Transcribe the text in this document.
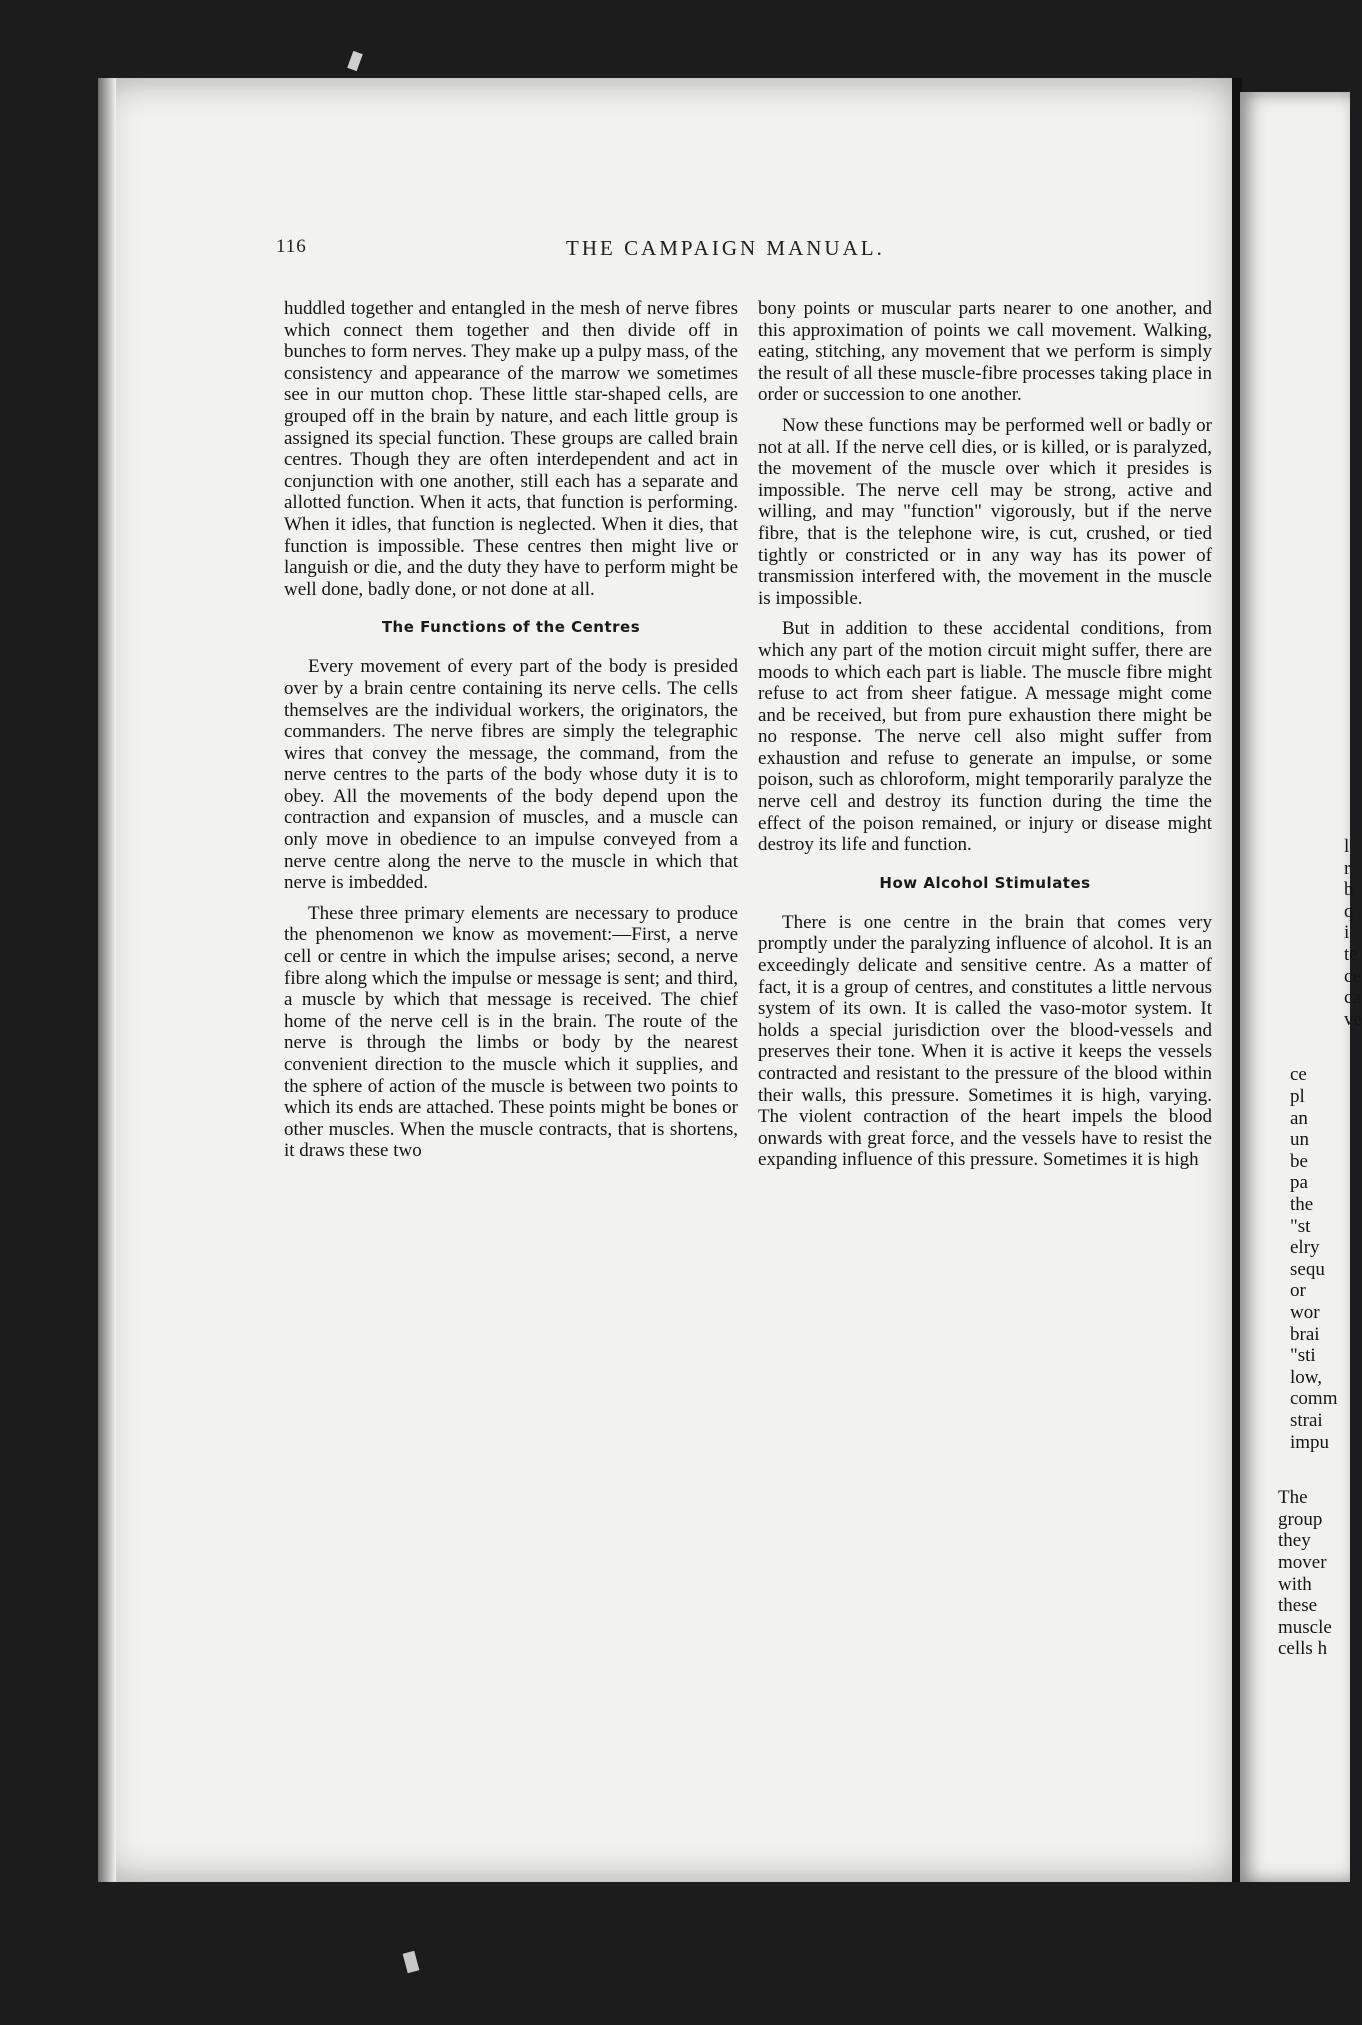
116	THE CAMPAIGN MANUAL.

huddled together and entangled in the mesh of nerve fibres which connect them together and then divide off in bunches to form nerves. They make up a pulpy mass, of the consistency and appearance of the marrow we sometimes see in our mutton chop. These little star-shaped cells, are grouped off in the brain by nature, and each little group is assigned its special function. These groups are called brain centres. Though they are often interdependent and act in conjunction with one another, still each has a separate and allotted function. When it acts, that function is performing. When it idles, that function is neglected. When it dies, that function is impossible. These centres then might live or languish or die, and the duty they have to perform might be well done, badly done, or not done at all.

The Functions of the Centres

Every movement of every part of the body is presided over by a brain centre containing its nerve cells. The cells themselves are the individual workers, the originators, the commanders. The nerve fibres are simply the telegraphic wires that convey the message, the command, from the nerve centres to the parts of the body whose duty it is to obey. All the movements of the body depend upon the contraction and expansion of muscles, and a muscle can only move in obedience to an impulse conveyed from a nerve centre along the nerve to the muscle in which that nerve is imbedded.

These three primary elements are necessary to produce the phenomenon we know as movement:—First, a nerve cell or centre in which the impulse arises; second, a nerve fibre along which the impulse or message is sent; and third, a muscle by which that message is received. The chief home of the nerve cell is in the brain. The route of the nerve is through the limbs or body by the nearest convenient direction to the muscle which it supplies, and the sphere of action of the muscle is between two points to which its ends are attached. These points might be bones or other muscles. When the muscle contracts, that is shortens, it draws these two

bony points or muscular parts nearer to one another, and this approximation of points we call movement. Walking, eating, stitching, any movement that we perform is simply the result of all these muscle-fibre processes taking place in order or succession to one another.

Now these functions may be performed well or badly or not at all. If the nerve cell dies, or is killed, or is paralyzed, the movement of the muscle over which it presides is impossible. The nerve cell may be strong, active and willing, and may "function" vigorously, but if the nerve fibre, that is the telephone wire, is cut, crushed, or tied tightly or constricted or in any way has its power of transmission interfered with, the movement in the muscle is impossible.

But in addition to these accidental conditions, from which any part of the motion circuit might suffer, there are moods to which each part is liable. The muscle fibre might refuse to act from sheer fatigue. A message might come and be received, but from pure exhaustion there might be no response. The nerve cell also might suffer from exhaustion and refuse to generate an impulse, or some poison, such as chloroform, might temporarily paralyze the nerve cell and destroy its function during the time the effect of the poison remained, or injury or disease might destroy its life and function.

How Alcohol Stimulates

There is one centre in the brain that comes very promptly under the paralyzing influence of alcohol. It is an exceedingly delicate and sensitive centre. As a matter of fact, it is a group of centres, and constitutes a little nervous system of its own. It is called the vaso-motor system. It holds a special jurisdiction over the blood-vessels and preserves their tone. When it is active it keeps the vessels contracted and resistant to the pressure of the blood within their walls, this pressure. Sometimes it is high, varying. The violent contraction of the heart impels the blood onwards with great force, and the vessels have to resist the expanding influence of this pressure. Sometimes it is high

l
r
b
q
i
te
ce
ca
ve
ce
pl
an
un
be
pa
the
"st
elry
sequ
or
wor
brai
"sti
low,
comm
strai
impu
The
group
they
mover
with
these
muscle
cells h
